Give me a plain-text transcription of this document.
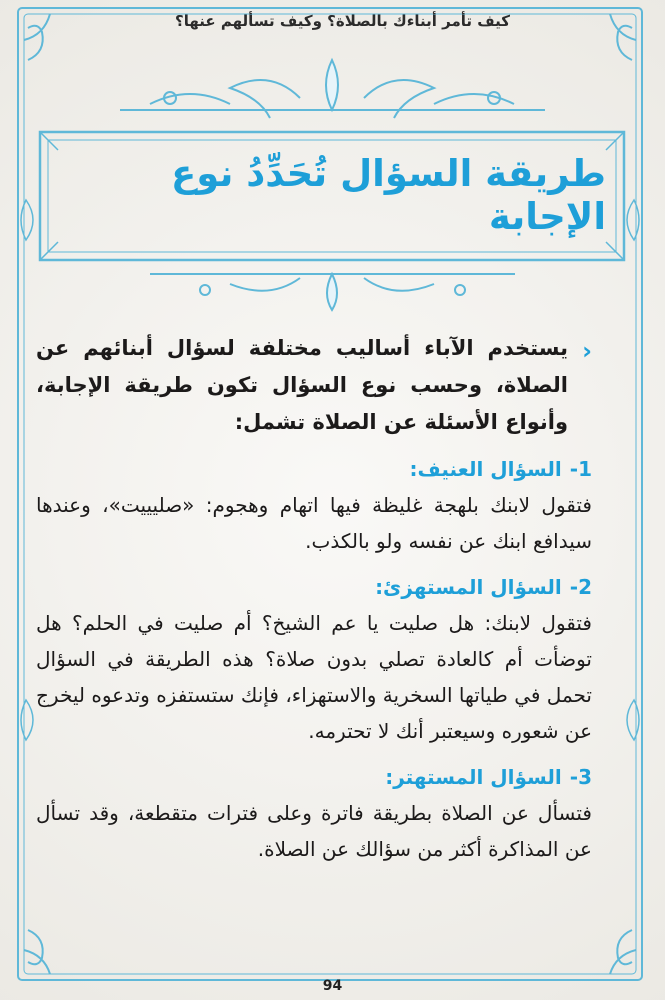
كيف تأمر أبناءك بالصلاة؟ وكيف تسألهم عنها؟
طريقة السؤال تُحَدِّدُ نوع الإجابة
‹
يستخدم الآباء أساليب مختلفة لسؤال أبنائهم عن الصلاة، وحسب نوع السؤال تكون طريقة الإجابة، وأنواع الأسئلة عن الصلاة تشمل:
1-
السؤال العنيف:
فتقول لابنك بلهجة غليظة فيها اتهام وهجوم: «صليييت»، وعندها سيدافع ابنك عن نفسه ولو بالكذب.
2-
السؤال المستهزئ:
فتقول لابنك: هل صليت يا عم الشيخ؟ أم صليت في الحلم؟ هل توضأت أم كالعادة تصلي بدون صلاة؟ هذه الطريقة في السؤال تحمل في طياتها السخرية والاستهزاء، فإنك ستستفزه وتدعوه ليخرج عن شعوره وسيعتبر أنك لا تحترمه.
3-
السؤال المستهتر:
فتسأل عن الصلاة بطريقة فاترة وعلى فترات متقطعة، وقد تسأل عن المذاكرة أكثر من سؤالك عن الصلاة.
94
